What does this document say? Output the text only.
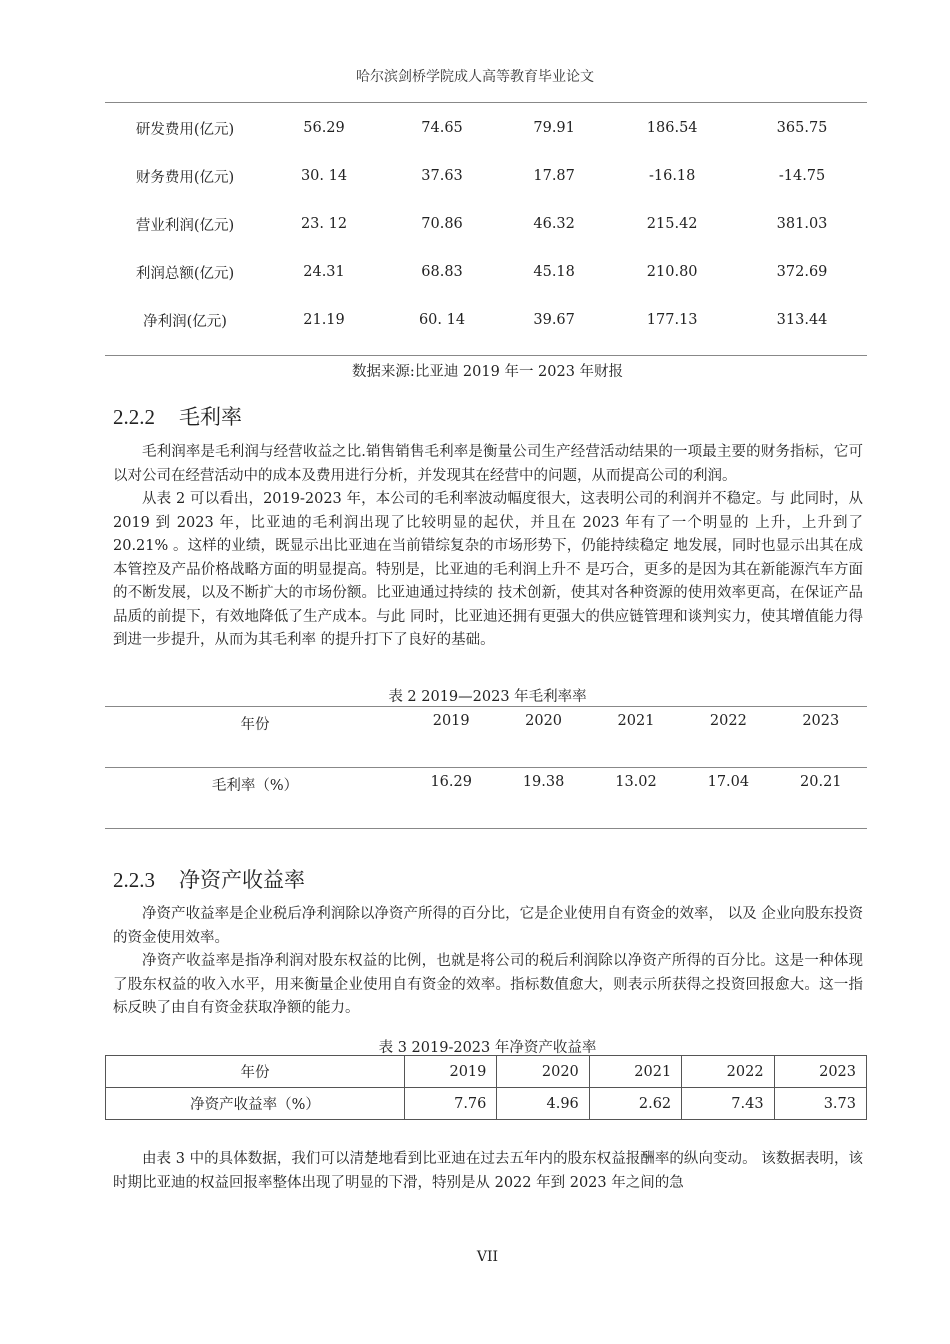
哈尔滨剑桥学院成人高等教育毕业论文
研发费用(亿元)	56.29	74.65	79.91	186.54	365.75
财务费用(亿元)	30. 14	37.63	17.87	-16.18	-14.75
营业利润(亿元)	23. 12	70.86	46.32	215.42	381.03
利润总额(亿元)	24.31	68.83	45.18	210.80	372.69
净利润(亿元)	21.19	60. 14	39.67	177.13	313.44
数据来源:比亚迪 2019 年一 2023 年财报
2.2.2 毛利率

毛利润率是毛利润与经营收益之比.销售销售毛利率是衡量公司生产经营活动结果的一项最主要的财务指标，它可以对公司在经营活动中的成本及费用进行分析，并发现其在经营中的问题，从而提高公司的利润。

从表 2 可以看出，2019-2023 年，本公司的毛利率波动幅度很大，这表明公司的利润并不稳定。与 此同时，从 2019 到 2023 年，比亚迪的毛利润出现了比较明显的起伏，并且在 2023 年有了一个明显的 上升，上升到了 20.21% 。这样的业绩，既显示出比亚迪在当前错综复杂的市场形势下，仍能持续稳定 地发展，同时也显示出其在成本管控及产品价格战略方面的明显提高。特别是，比亚迪的毛利润上升不 是巧合，更多的是因为其在新能源汽车方面的不断发展，以及不断扩大的市场份额。比亚迪通过持续的 技术创新，使其对各种资源的使用效率更高，在保证产品品质的前提下，有效地降低了生产成本。与此 同时，比亚迪还拥有更强大的供应链管理和谈判实力，使其增值能力得到进一步提升，从而为其毛利率 的提升打下了良好的基础。

表 2 2019—2023 年毛利率率
年份	2019	2020	2021	2022	2023
毛利率（%）	16.29	19.38	13.02	17.04	20.21
2.2.3 净资产收益率

净资产收益率是企业税后净利润除以净资产所得的百分比，它是企业使用自有资金的效率， 以及 企业向股东投资的资金使用效率。

净资产收益率是指净利润对股东权益的比例，也就是将公司的税后利润除以净资产所得的百分比。这是一种体现了股东权益的收入水平，用来衡量企业使用自有资金的效率。指标数值愈大，则表示所获得之投资回报愈大。这一指标反映了由自有资金获取净额的能力。

表 3 2019-2023 年净资产收益率
年份	2019	2020	2021	2022	2023
净资产收益率（%）	7.76	4.96	2.62	7.43	3.73

由表 3 中的具体数据，我们可以清楚地看到比亚迪在过去五年内的股东权益报酬率的纵向变动。 该数据表明，该时期比亚迪的权益回报率整体出现了明显的下滑，特别是从 2022 年到 2023 年之间的急

VII
